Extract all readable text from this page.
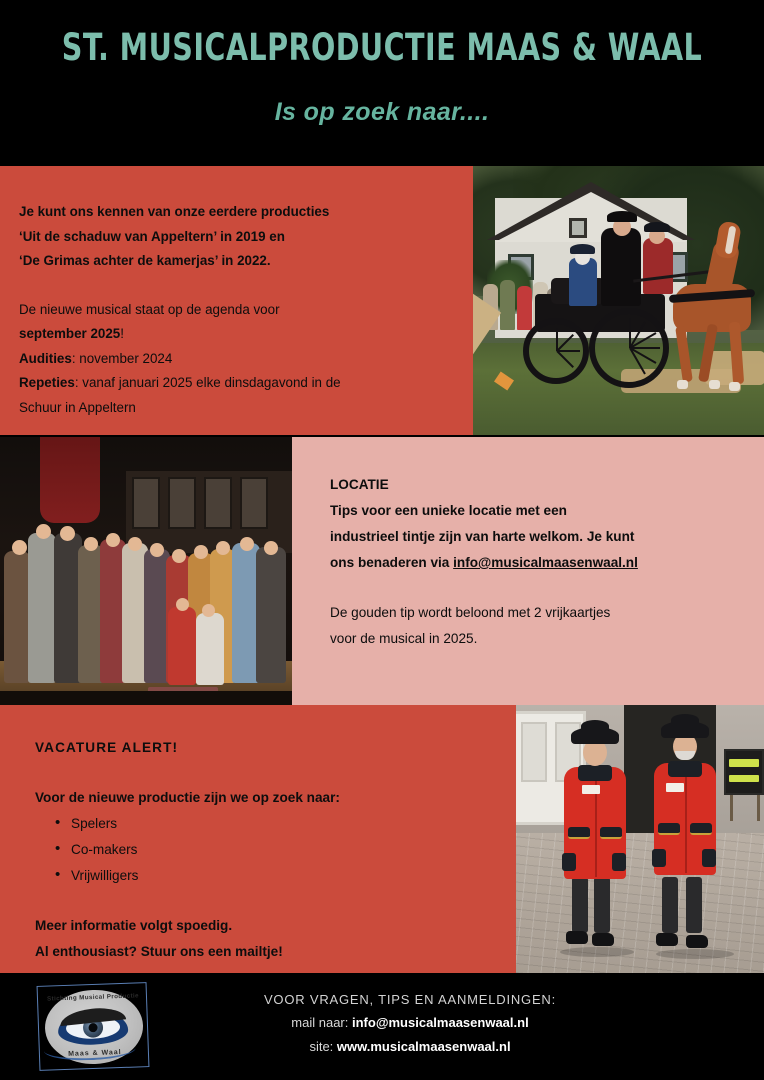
ST. MUSICALPRODUCTIE MAAS & WAAL
Is op zoek naar....

Je kunt ons kennen van onze eerdere producties

‘Uit de schaduw van Appeltern’ in 2019 en

‘De Grimas achter de kamerjas’ in 2022.

De nieuwe musical staat op de agenda voor

september 2025!

Audities: november 2024

Repeties: vanaf januari 2025 elke dinsdagavond in de

Schuur in Appeltern

LOCATIE

Tips voor een unieke locatie met een

industrieel tintje zijn van harte welkom. Je kunt

ons benaderen via info@musicalmaasenwaal.nl

De gouden tip wordt beloond met 2 vrijkaartjes

voor de musical in 2025.

VACATURE ALERT!

Voor de nieuwe productie zijn we op zoek naar:

• Spelers
• Co-makers
• Vrijwilligers

Meer informatie volgt spoedig.

Al enthousiast? Stuur ons een mailtje!

Stichting Musical Productie
Maas & Waal
VOOR VRAGEN, TIPS EN AANMELDINGEN:
mail naar: info@musicalmaasenwaal.nl
site: www.musicalmaasenwaal.nl
